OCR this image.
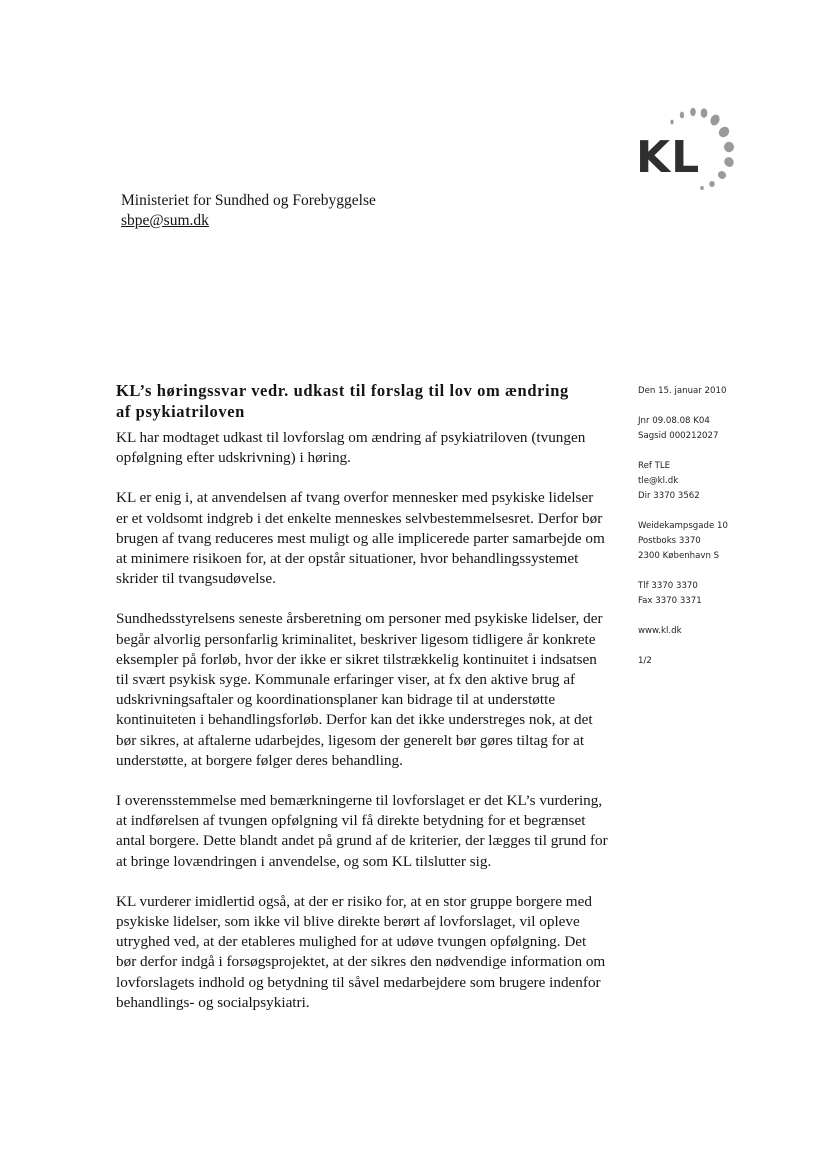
KL
Ministeriet for Sundhed og Forebyggelse
sbpe@sum.dk
KL’s høringssvar vedr. udkast til forslag til lov om ændring af psykiatriloven

KL har modtaget udkast til lovforslag om ændring af psykiatriloven (tvungen opfølgning efter udskrivning) i høring.

KL er enig i, at anvendelsen af tvang overfor mennesker med psykiske lidelser er et voldsomt indgreb i det enkelte menneskes selvbestemmelsesret. Derfor bør brugen af tvang reduceres mest muligt og alle implicerede parter samarbejde om at minimere risikoen for, at der opstår situationer, hvor behandlingssystemet skrider til tvangsudøvelse.

Sundhedsstyrelsens seneste årsberetning om personer med psykiske lidelser, der begår alvorlig personfarlig kriminalitet, beskriver ligesom tidligere år konkrete eksempler på forløb, hvor der ikke er sikret tilstrækkelig kontinuitet i indsatsen til svært psykisk syge. Kommunale erfaringer viser, at fx den aktive brug af udskrivningsaftaler og koordinationsplaner kan bidrage til at understøtte kontinuiteten i behandlingsforløb. Derfor kan det ikke understreges nok, at det bør sikres, at aftalerne udarbejdes, ligesom der generelt bør gøres tiltag for at understøtte, at borgere følger deres behandling.

I overensstemmelse med bemærkningerne til lovforslaget er det KL’s vurdering, at indførelsen af tvungen opfølgning vil få direkte betydning for et begrænset antal borgere. Dette blandt andet på grund af de kriterier, der lægges til grund for at bringe lovændringen i anvendelse, og som KL tilslutter sig.

KL vurderer imidlertid også, at der er risiko for, at en stor gruppe borgere med psykiske lidelser, som ikke vil blive direkte berørt af lovforslaget, vil opleve utryghed ved, at der etableres mulighed for at udøve tvungen opfølgning. Det bør derfor indgå i forsøgsprojektet, at der sikres den nødvendige information om lovforslagets indhold og betydning til såvel medarbejdere som brugere indenfor behandlings- og socialpsykiatri.

Den 15. januar 2010
Jnr 09.08.08 K04
Sagsid 000212027
Ref TLE
tle@kl.dk
Dir 3370 3562
Weidekampsgade 10
Postboks 3370
2300 København S
Tlf 3370 3370
Fax 3370 3371
www.kl.dk
1/2
